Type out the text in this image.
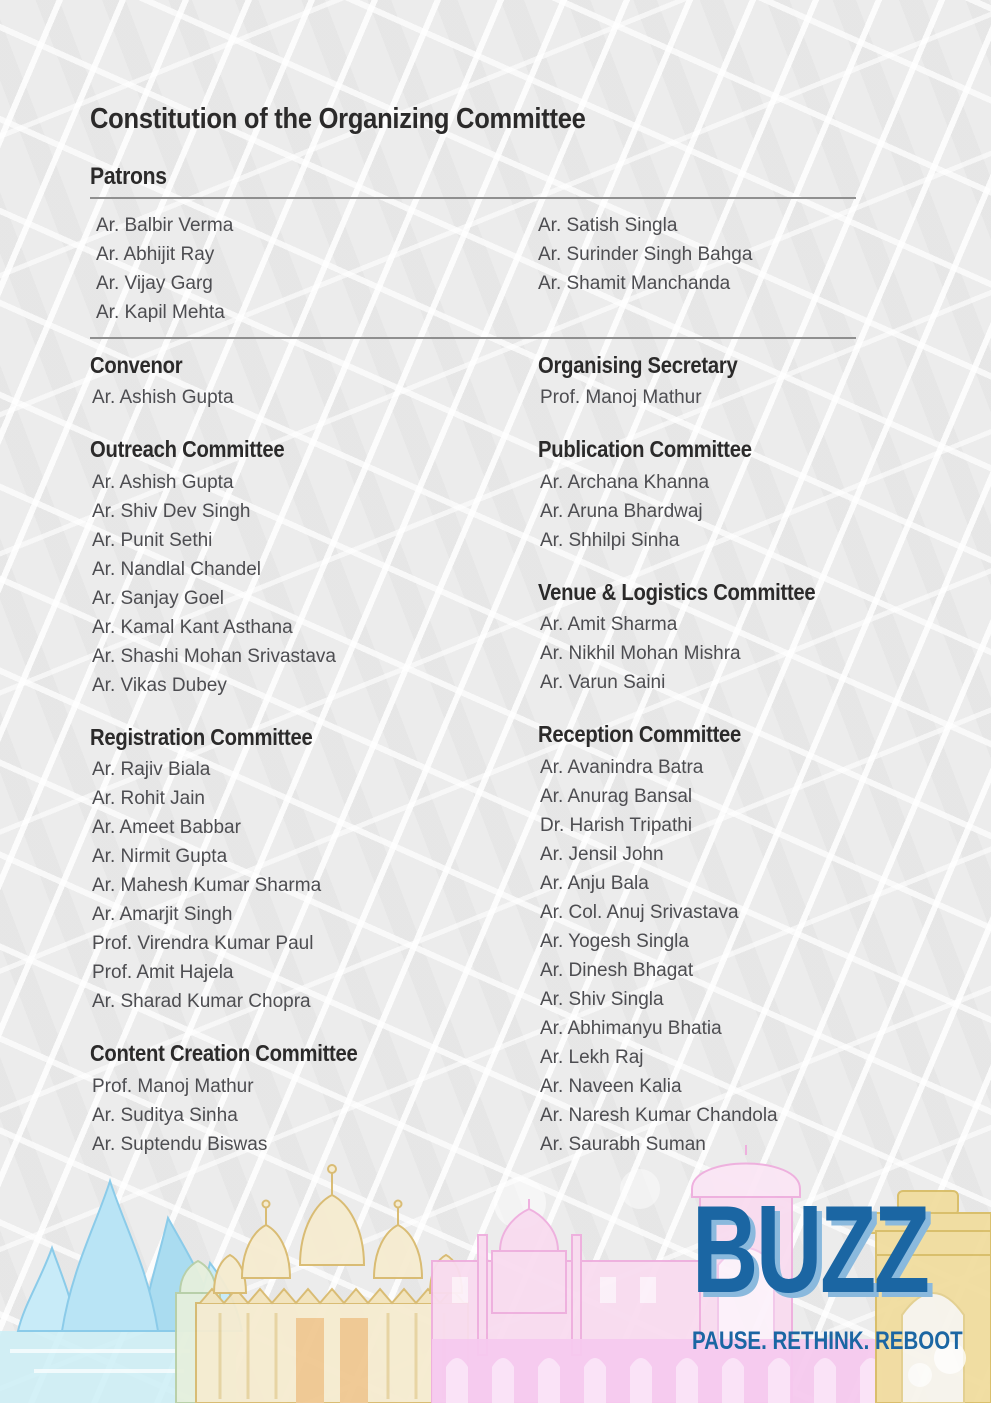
Constitution of the Organizing Committee
Patrons
Ar. Balbir Verma
Ar. Abhijit Ray
Ar. Vijay Garg
Ar. Kapil Mehta
Ar. Satish Singla
Ar. Surinder Singh Bahga
Ar. Shamit Manchanda
Convenor
Ar. Ashish Gupta
Outreach Committee
Ar. Ashish Gupta
Ar. Shiv Dev Singh
Ar. Punit Sethi
Ar. Nandlal Chandel
Ar. Sanjay Goel
Ar. Kamal Kant Asthana
Ar. Shashi Mohan Srivastava
Ar. Vikas Dubey
Registration Committee
Ar. Rajiv Biala
Ar. Rohit Jain
Ar. Ameet Babbar
Ar. Nirmit Gupta
Ar. Mahesh Kumar Sharma
Ar. Amarjit Singh
Prof. Virendra Kumar Paul
Prof. Amit Hajela
Ar. Sharad Kumar Chopra
Content Creation Committee
Prof. Manoj Mathur
Ar. Suditya Sinha
Ar. Suptendu Biswas
Organising Secretary
Prof. Manoj Mathur
Publication Committee
Ar. Archana Khanna
Ar. Aruna Bhardwaj
Ar. Shhilpi Sinha
Venue & Logistics Committee
Ar. Amit Sharma
Ar. Nikhil Mohan Mishra
Ar. Varun Saini
Reception Committee
Ar. Avanindra Batra
Ar. Anurag Bansal
Dr. Harish Tripathi
Ar. Jensil John
Ar. Anju Bala
Ar. Col. Anuj Srivastava
Ar. Yogesh Singla
Ar. Dinesh Bhagat
Ar. Shiv Singla
Ar. Abhimanyu Bhatia
Ar. Lekh Raj
Ar. Naveen Kalia
Ar. Naresh Kumar Chandola
Ar. Saurabh Suman
BUZZ
PAUSE. RETHINK. REBOOT
